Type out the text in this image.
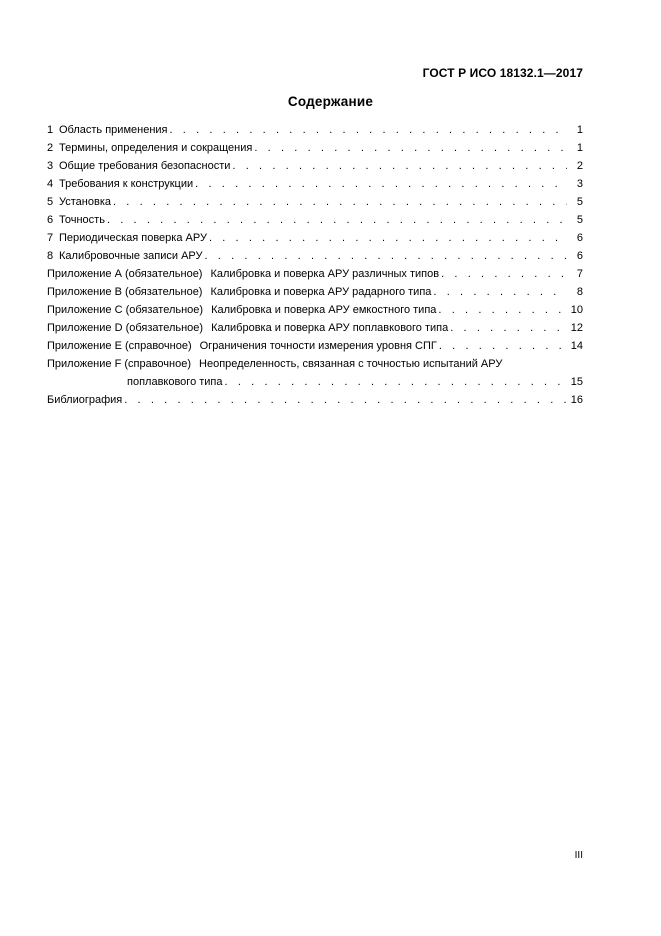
ГОСТ Р ИСО 18132.1—2017
Содержание
1 Область применения . . .	1
2 Термины, определения и сокращения . . .	1
3 Общие требования безопасности . . .	2
4 Требования к конструкции . . .	3
5 Установка . . .	5
6 Точность . . .	5
7 Периодическая поверка АРУ . . .	6
8 Калибровочные записи АРУ . . .	6
Приложение А (обязательное) Калибровка и поверка АРУ различных типов . . .	7
Приложение В (обязательное) Калибровка и поверка АРУ радарного типа . . .	8
Приложение С (обязательное) Калибровка и поверка АРУ емкостного типа . . .	10
Приложение D (обязательное) Калибровка и поверка АРУ поплавкового типа . . .	12
Приложение Е (справочное) Ограничения точности измерения уровня СПГ . . .	14
Приложение F (справочное) Неопределенность, связанная с точностью испытаний АРУ
поплавкового типа . . .	15
Библиография . . .	16
III
